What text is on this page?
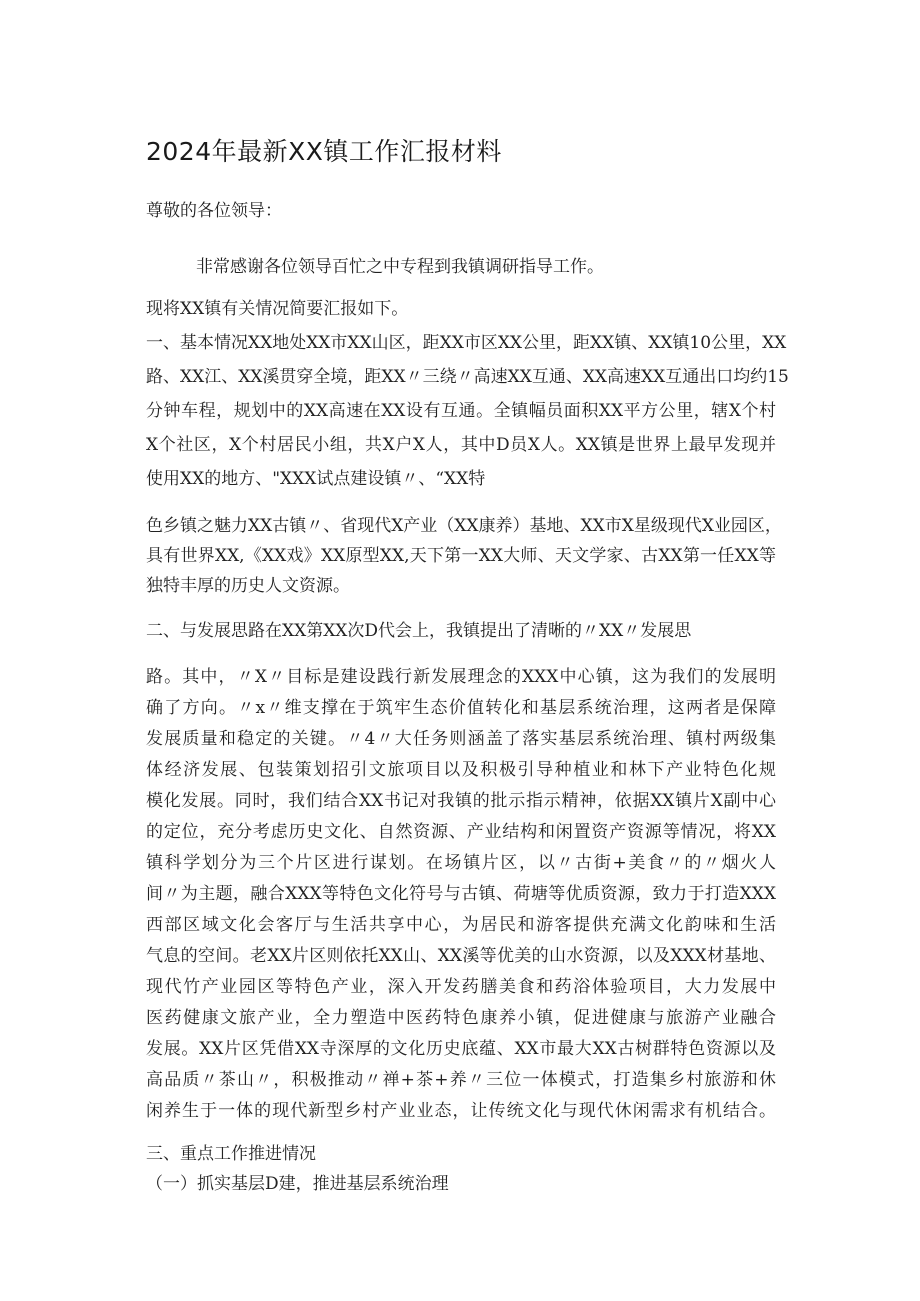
2024年最新XX镇工作汇报材料
尊敬的各位领导：
非常感谢各位领导百忙之中专程到我镇调研指导工作。
现将XX镇有关情况简要汇报如下。
一、基本情况XX地处XX市XX山区，距XX市区XX公里，距XX镇、XX镇10公里，XX
路、XX江、XX溪贯穿全境，距XX〃三绕〃高速XX互通、XX高速XX互通出口均约15
分钟车程，规划中的XX高速在XX设有互通。全镇幅员面积XX平方公里，辖X个村
X个社区，X个村居民小组，共X户X人，其中D员X人。XX镇是世界上最早发现并
使用XX的地方、"XXX试点建设镇〃、“XX特
色乡镇之魅力XX古镇〃、省现代X产业（XX康养）基地、XX市X星级现代X业园区，
具有世界XX,《XX戏》XX原型XX,天下第一XX大师、天文学家、古XX第一任XX等
独特丰厚的历史人文资源。
二、与发展思路在XX第XX次D代会上，我镇提出了清晰的〃XX〃发展思
路。其中，〃X〃目标是建设践行新发展理念的XXX中心镇，这为我们的发展明
确了方向。〃x〃维支撑在于筑牢生态价值转化和基层系统治理，这两者是保障
发展质量和稳定的关键。〃4〃大任务则涵盖了落实基层系统治理、镇村两级集
体经济发展、包装策划招引文旅项目以及积极引导种植业和林下产业特色化规
模化发展。同时，我们结合XX书记对我镇的批示指示精神，依据XX镇片X副中心
的定位，充分考虑历史文化、自然资源、产业结构和闲置资产资源等情况，将XX
镇科学划分为三个片区进行谋划。在场镇片区，以〃古街+美食〃的〃烟火人
间〃为主题，融合XXX等特色文化符号与古镇、荷塘等优质资源，致力于打造XXX
西部区域文化会客厅与生活共享中心，为居民和游客提供充满文化韵味和生活
气息的空间。老XX片区则依托XX山、XX溪等优美的山水资源，以及XXX材基地、
现代竹产业园区等特色产业，深入开发药膳美食和药浴体验项目，大力发展中
医药健康文旅产业，全力塑造中医药特色康养小镇，促进健康与旅游产业融合
发展。XX片区凭借XX寺深厚的文化历史底蕴、XX市最大XX古树群特色资源以及
高品质〃茶山〃，积极推动〃禅+茶+养〃三位一体模式，打造集乡村旅游和休
闲养生于一体的现代新型乡村产业业态，让传统文化与现代休闲需求有机结合。
三、重点工作推进情况
（一）抓实基层D建，推进基层系统治理
